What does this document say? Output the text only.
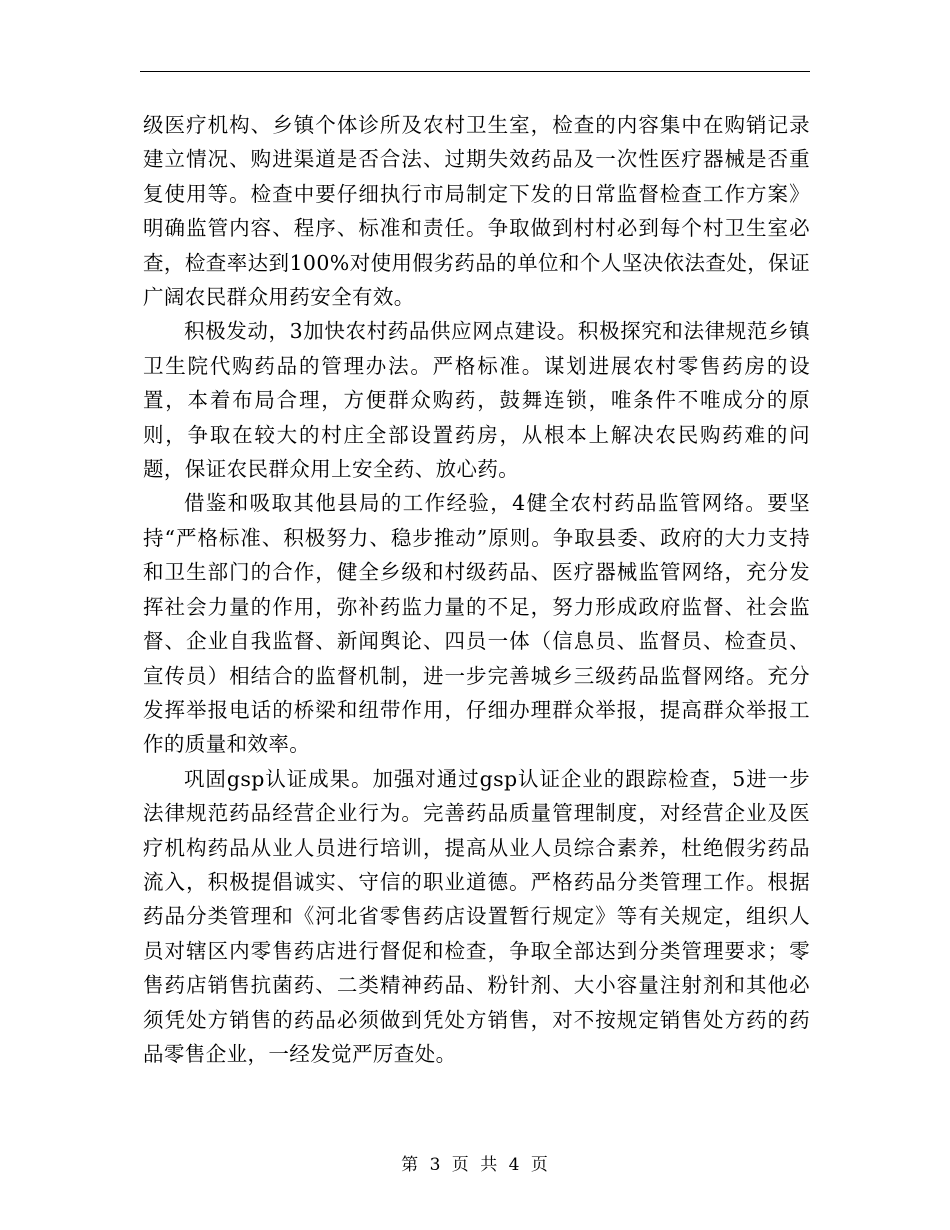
级医疗机构、乡镇个体诊所及农村卫生室，检查的内容集中在购销记录建立情况、购进渠道是否合法、过期失效药品及一次性医疗器械是否重复使用等。检查中要仔细执行市局制定下发的日常监督检查工作方案》明确监管内容、程序、标准和责任。争取做到村村必到每个村卫生室必查，检查率达到100%对使用假劣药品的单位和个人坚决依法查处，保证广阔农民群众用药安全有效。

积极发动，3加快农村药品供应网点建设。积极探究和法律规范乡镇卫生院代购药品的管理办法。严格标准。谋划进展农村零售药房的设置，本着布局合理，方便群众购药，鼓舞连锁，唯条件不唯成分的原则，争取在较大的村庄全部设置药房，从根本上解决农民购药难的问题，保证农民群众用上安全药、放心药。

借鉴和吸取其他县局的工作经验，4健全农村药品监管网络。要坚持“严格标准、积极努力、稳步推动”原则。争取县委、政府的大力支持和卫生部门的合作，健全乡级和村级药品、医疗器械监管网络，充分发挥社会力量的作用，弥补药监力量的不足，努力形成政府监督、社会监督、企业自我监督、新闻舆论、四员一体（信息员、监督员、检查员、宣传员）相结合的监督机制，进一步完善城乡三级药品监督网络。充分发挥举报电话的桥梁和纽带作用，仔细办理群众举报，提高群众举报工作的质量和效率。

巩固gsp认证成果。加强对通过gsp认证企业的跟踪检查，5进一步法律规范药品经营企业行为。完善药品质量管理制度，对经营企业及医疗机构药品从业人员进行培训，提高从业人员综合素养，杜绝假劣药品流入，积极提倡诚实、守信的职业道德。严格药品分类管理工作。根据药品分类管理和《河北省零售药店设置暂行规定》等有关规定，组织人员对辖区内零售药店进行督促和检查，争取全部达到分类管理要求；零售药店销售抗菌药、二类精神药品、粉针剂、大小容量注射剂和其他必须凭处方销售的药品必须做到凭处方销售，对不按规定销售处方药的药品零售企业，一经发觉严厉查处。

第 3 页 共 4 页
